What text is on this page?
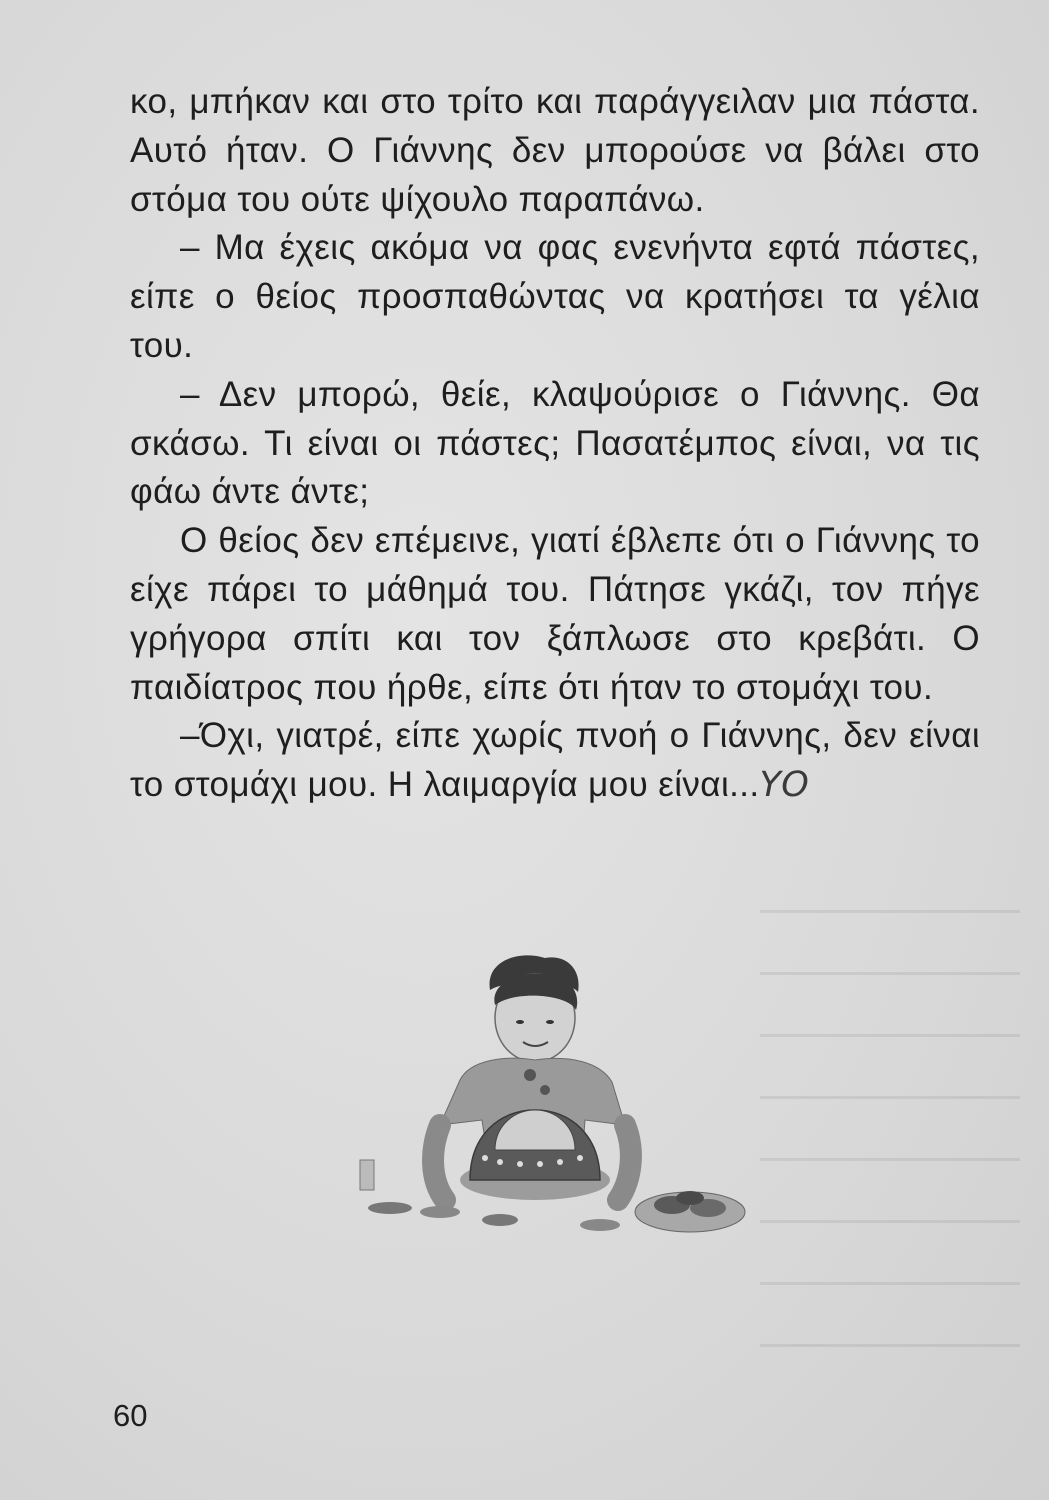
κο, μπήκαν και στο τρίτο και παράγγειλαν μια πάστα. Αυτό ήταν. Ο Γιάννης δεν μπορούσε να βάλει στο στόμα του ούτε ψίχουλο παραπάνω.

– Μα έχεις ακόμα να φας ενενήντα εφτά πάστες, είπε ο θείος προσπαθώντας να κρατήσει τα γέλια του.

– Δεν μπορώ, θείε, κλαψούρισε ο Γιάννης. Θα σκάσω. Τι είναι οι πάστες; Πασατέμπος είναι, να τις φάω άντε άντε;

Ο θείος δεν επέμεινε, γιατί έβλεπε ότι ο Γιάννης το είχε πάρει το μάθημά του. Πάτησε γκάζι, τον πήγε γρήγορα σπίτι και τον ξάπλωσε στο κρεβάτι. Ο παιδίατρος που ήρθε, είπε ότι ήταν το στομάχι του.

–Όχι, γιατρέ, είπε χωρίς πνοή ο Γιάννης, δεν είναι το στομάχι μου. Η λαιμαργία μου είναι...ΥΟ

60
